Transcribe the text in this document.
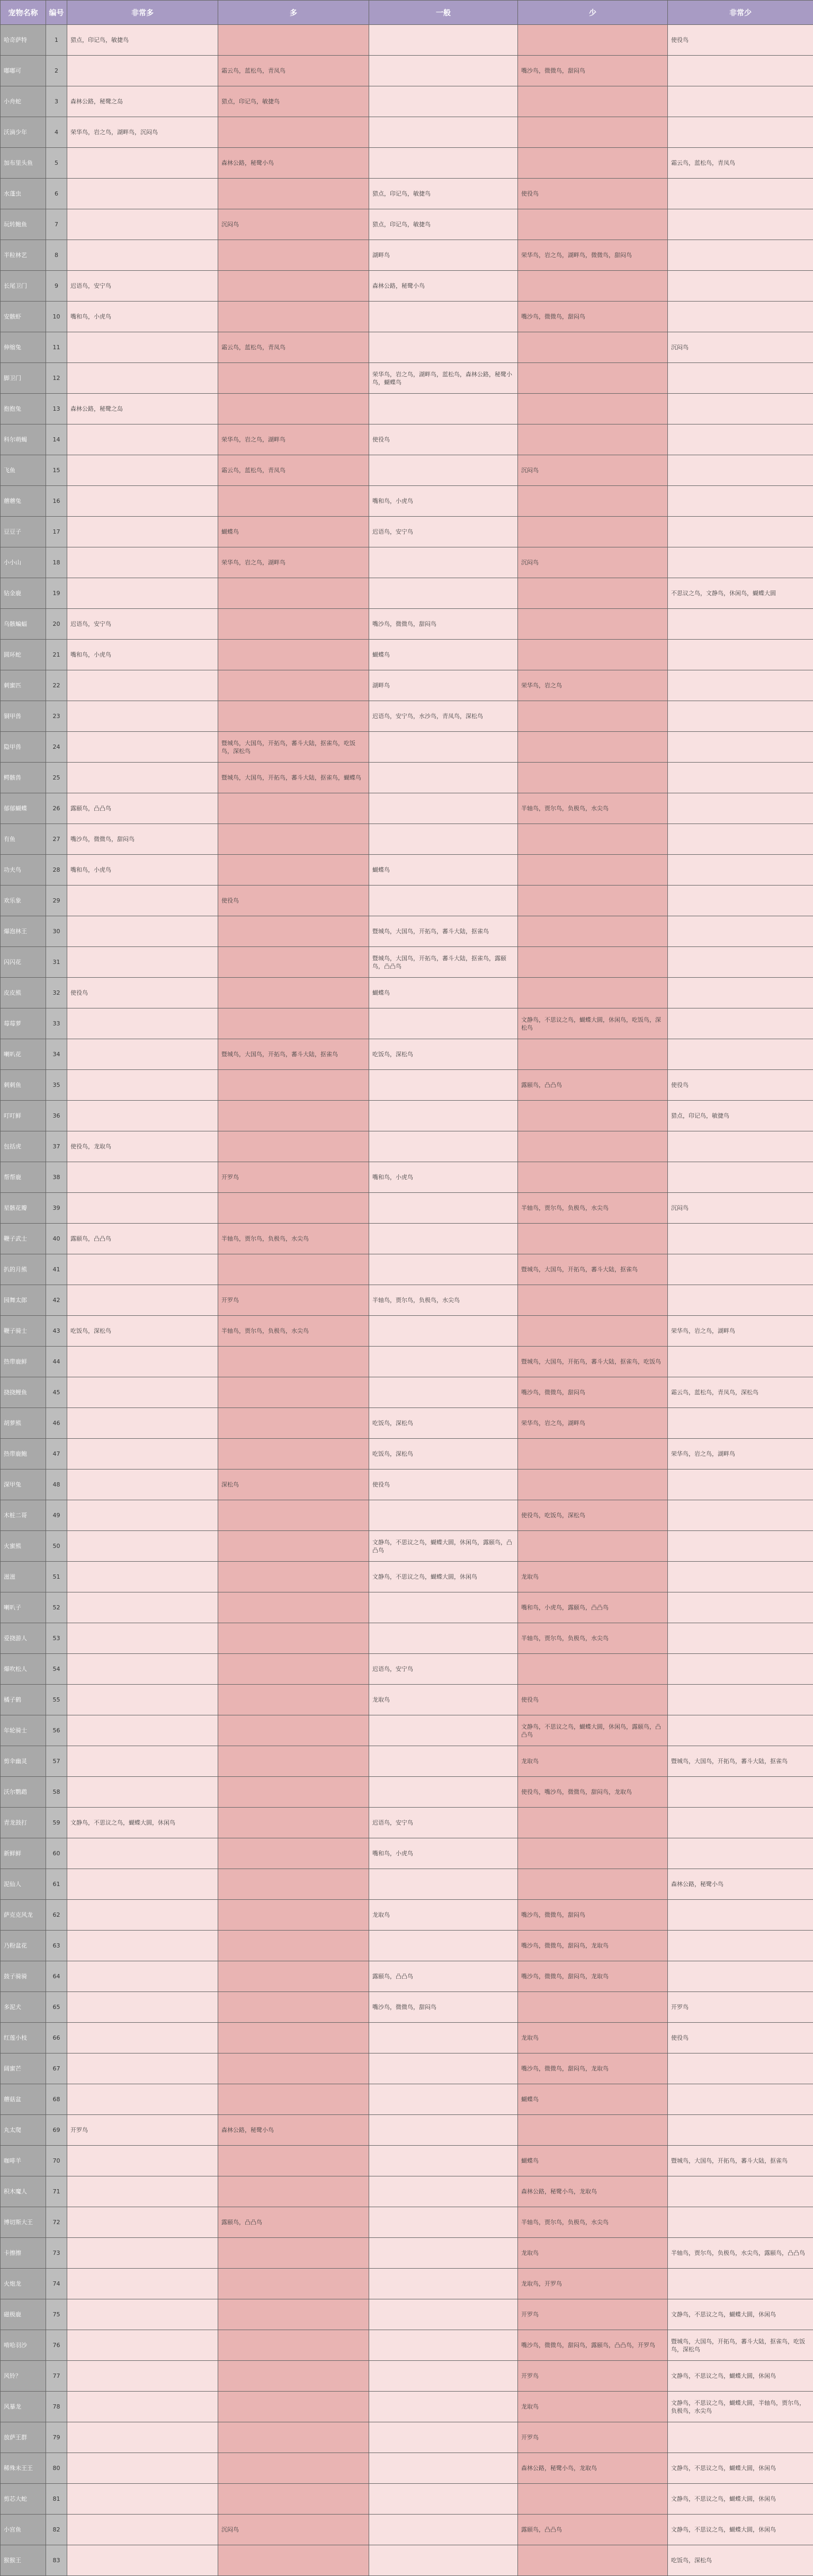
宠物名称	编号	非常多	多	一般	少	非常少
哈奇萨特	1	猎点，印记鸟，敏捷鸟				使役鸟
嘟嘟可	2		霜云鸟，蓝松鸟，青凤鸟		嘴沙鸟，微微鸟，甜闷鸟	
小舟蛇	3	森林公路，秘鹭之岛	猎点，印记鸟，敏捷鸟			
沃滴少年	4	荣华鸟，岩之鸟，湖畔鸟，沉闷鸟				
加布里头鱼	5		森林公路，秘鹭小鸟			霜云鸟，蓝松鸟，青凤鸟
水蓬虫	6			猎点，印记鸟，敏捷鸟	使役鸟	
玩转鲍鱼	7		沉闷鸟	猎点，印记鸟，敏捷鸟		
半粒林艺	8			湖畔鸟	荣华鸟，岩之鸟，湖畔鸟，微微鸟，甜闷鸟	
长尾卫门	9	迟语鸟，安宁鸟		森林公路，秘鹭小鸟		
安骸虾	10	嘴和鸟，小虎鸟			嘴沙鸟，微微鸟，甜闷鸟	
伸缩兔	11		霜云鸟，蓝松鸟，青凤鸟			沉闷鸟
脚卫门	12			荣华鸟，岩之鸟，湖畔鸟，蓝松鸟，森林公路，秘鹭小鸟，蝴蝶鸟		
抱抱兔	13	森林公路，秘鹭之岛				
科尔萌蝎	14		荣华鸟，岩之鸟，湖畔鸟	使役鸟		
飞鱼	15		霜云鸟，蓝松鸟，青凤鸟		沉闷鸟	
蘑蘑兔	16			嘴和鸟，小虎鸟		
豆豆子	17		蝴蝶鸟	迟语鸟，安宁鸟		
小小山	18		荣华鸟，岩之鸟，湖畔鸟		沉闷鸟	
钻金鹿	19					不思议之鸟，文静鸟，休闲鸟，蝴蝶大圆
乌骸蝙蝠	20	迟语鸟，安宁鸟		嘴沙鸟，微微鸟，甜闷鸟		
圆环蛇	21	嘴和鸟，小虎鸟		蝴蝶鸟		
刺蜜匹	22			湖畔鸟	荣华鸟，岩之鸟	
铜甲兽	23			迟语鸟，安宁鸟，水沙鸟，青凤鸟，深松鸟		
隐甲兽	24		暨城鸟，大国鸟，开拓鸟，蕃斗大陆，抠雀鸟，吃饭鸟，深松鸟			
鳄骸兽	25		暨城鸟，大国鸟，开拓鸟，蕃斗大陆，抠雀鸟，蝴蝶鸟			
郁郁蝴蝶	26	露颐鸟，凸凸鸟			半轴鸟，贾尔鸟，负极鸟，水尖鸟	
有鱼	27	嘴沙鸟，微微鸟，甜闷鸟				
功夫鸟	28	嘴和鸟，小虎鸟		蝴蝶鸟		
欢乐象	29		使役鸟			
爆泡林王	30			暨城鸟，大国鸟，开拓鸟，蕃斗大陆，抠雀鸟		
闪闪花	31			暨城鸟，大国鸟，开拓鸟，蕃斗大陆，抠雀鸟，露颐鸟，凸凸鸟		
皮皮熊	32	使役鸟		蝴蝶鸟		
莓莓萝	33				文静鸟，不思议之鸟，蝴蝶大圆，休闲鸟，吃饭鸟，深松鸟	
喇叭花	34		暨城鸟，大国鸟，开拓鸟，蕃斗大陆，抠雀鸟	吃饭鸟，深松鸟		
刺刺鱼	35				露颐鸟，凸凸鸟	使役鸟
叮叮鲜	36					猎点，印记鸟，敏捷鸟
包括虎	37	使役鸟，龙取鸟				
帮帮鹿	38		开罗鸟	嘴和鸟，小虎鸟		
星骸花瓣	39				半轴鸟，贾尔鸟，负极鸟，水尖鸟	沉闷鸟
鞭子武士	40	露颐鸟，凸凸鸟	半轴鸟，贾尔鸟，负极鸟，水尖鸟			
扒的月熊	41				暨城鸟，大国鸟，开拓鸟，蕃斗大陆，抠雀鸟	
园舞太郎	42		开罗鸟	半轴鸟，贾尔鸟，负极鸟，水尖鸟		
鞭子骑士	43	吃饭鸟，深松鸟	半轴鸟，贾尔鸟，负极鸟，水尖鸟			荣华鸟，岩之鸟，湖畔鸟
热带鹿鲜	44				暨城鸟，大国鸟，开拓鸟，蕃斗大陆，抠雀鸟，吃饭鸟	
挠挠鲤鱼	45				嘴沙鸟，微微鸟，甜闷鸟	霜云鸟，蓝松鸟，青凤鸟，深松鸟
胡萝熊	46			吃饭鸟，深松鸟	荣华鸟，岩之鸟，湖畔鸟	
热带鹿鲍	47			吃饭鸟，深松鸟		荣华鸟，岩之鸟，湖畔鸟
深甲兔	48		深松鸟	使役鸟		
木桩二哥	49				使役鸟，吃饭鸟，深松鸟	
火蜜熊	50			文静鸟，不思议之鸟，蝴蝶大圆，休闲鸟，露颐鸟，凸凸鸟		
滋滋	51			文静鸟，不思议之鸟，蝴蝶大圆，休闲鸟	龙取鸟	
喇叭子	52				嘴和鸟，小虎鸟，露颐鸟，凸凸鸟	
爱挠游人	53				半轴鸟，贾尔鸟，负极鸟，水尖鸟	
爆吹松人	54			迟语鸟，安宁鸟		
橘子鹤	55			龙取鸟	使役鸟	
年轮骑士	56				文静鸟，不思议之鸟，蝴蝶大圆，休闲鸟，露颐鸟，凸凸鸟	
剪伞幽灵	57				龙取鸟	暨城鸟，大国鸟，开拓鸟，蕃斗大陆，抠雀鸟
沃尔鹦鹉	58				使役鸟，嘴沙鸟，微微鸟，甜闷鸟，龙取鸟	
青龙鼓打	59	文静鸟，不思议之鸟，蝴蝶大圆，休闲鸟		迟语鸟，安宁鸟		
新鲜鲜	60			嘴和鸟，小虎鸟		
泥仙人	61					森林公路，秘鹭小鸟
萨克克风龙	62			龙取鸟	嘴沙鸟，微微鸟，甜闷鸟	
乃粉盆花	63				嘴沙鸟，微微鸟，甜闷鸟，龙取鸟	
鼓子骑骑	64			露颐鸟，凸凸鸟	嘴沙鸟，微微鸟，甜闷鸟，龙取鸟	
多泥犬	65			嘴沙鸟，微微鸟，甜闷鸟		开罗鸟
红莲小枝	66				龙取鸟	使役鸟
阔蜜芒	67				嘴沙鸟，微微鸟，甜闷鸟，龙取鸟	
蘑菇盆	68				蝴蝶鸟	
丸太爬	69	开罗鸟	森林公路，秘鹭小鸟			
咖啡羊	70				蝴蝶鸟	暨城鸟，大国鸟，开拓鸟，蕃斗大陆，抠雀鸟
积木魔人	71				森林公路，秘鹭小鸟，龙取鸟	
博切斯大王	72		露颐鸟，凸凸鸟		半轴鸟，贾尔鸟，负极鸟，水尖鸟	
卡擦擦	73				龙取鸟	半轴鸟，贾尔鸟，负极鸟，水尖鸟，露颐鸟，凸凸鸟
火炮龙	74				龙取鸟，开罗鸟	
磁极鹿	75				开罗鸟	文静鸟，不思议之鸟，蝴蝶大圆，休闲鸟
啃哈羽沙	76				嘴沙鸟，微微鸟，甜闷鸟，露颐鸟，凸凸鸟，开罗鸟	暨城鸟，大国鸟，开拓鸟，蕃斗大陆，抠雀鸟，吃饭鸟，深松鸟
风铃？	77				开罗鸟	文静鸟，不思议之鸟，蝴蝶大圆，休闲鸟
风暴龙	78				龙取鸟	文静鸟，不思议之鸟，蝴蝶大圆，半轴鸟，贾尔鸟，负极鸟，水尖鸟
放萨王群	79				开罗鸟	
稀殊未王王	80				森林公路，秘鹭小鸟，龙取鸟	文静鸟，不思议之鸟，蝴蝶大圆，休闲鸟
剪芯大蛇	81					文静鸟，不思议之鸟，蝴蝶大圆，休闲鸟
小宫鱼	82		沉闷鸟		露颐鸟，凸凸鸟	文静鸟，不思议之鸟，蝴蝶大圆，休闲鸟
猴猴王	83					吃饭鸟，深松鸟
